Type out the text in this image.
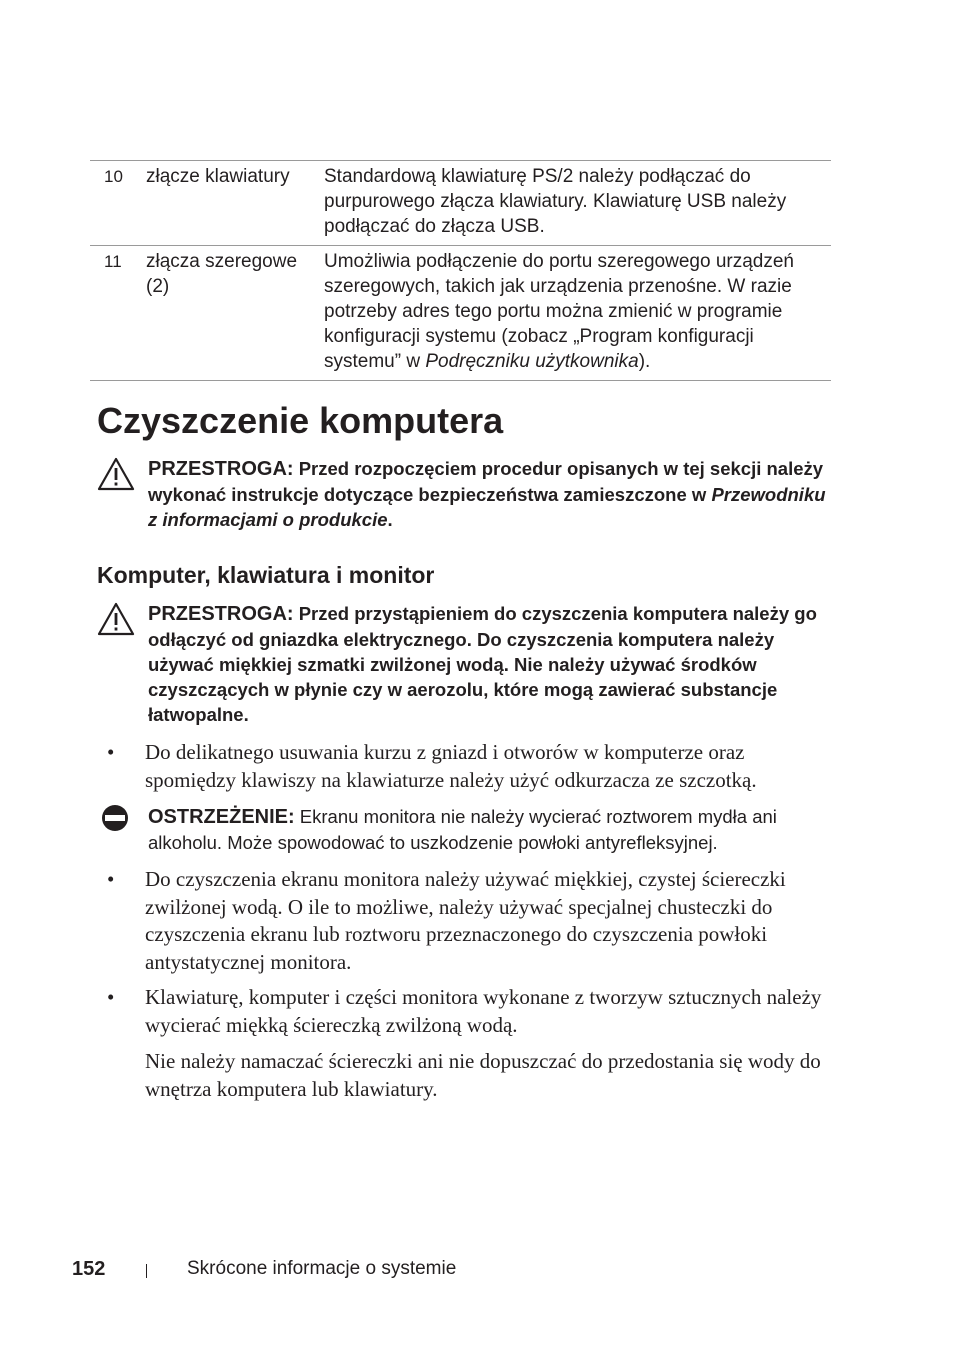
10 złącze klawiatury	Standardową klawiaturę PS/2 należy podłączać do purpurowego złącza klawiatury. Klawiaturę USB należy podłączać do złącza USB.
11 złącza szeregowe (2)
Umożliwia podłączenie do portu szeregowego urządzeń szeregowych, takich jak urządzenia przenośne. W razie potrzeby adres tego portu można zmienić w programie konfiguracji systemu (zobacz „Program konfiguracji systemu” w Podręczniku użytkownika).
Czyszczenie komputera
PRZESTROGA: Przed rozpoczęciem procedur opisanych w tej sekcji należy wykonać instrukcje dotyczące bezpieczeństwa zamieszczone w Przewodniku z informacjami o produkcie.
Komputer, klawiatura i monitor
PRZESTROGA: Przed przystąpieniem do czyszczenia komputera należy go odłączyć od gniazdka elektrycznego. Do czyszczenia komputera należy używać miękkiej szmatki zwilżonej wodą. Nie należy używać środków czyszczących w płynie czy w aerozolu, które mogą zawierać substancje łatwopalne.
• Do delikatnego usuwania kurzu z gniazd i otworów w komputerze oraz spomiędzy klawiszy na klawiaturze należy użyć odkurzacza ze szczotką.
OSTRZEŻENIE: Ekranu monitora nie należy wycierać roztworem mydła ani alkoholu. Może spowodować to uszkodzenie powłoki antyrefleksyjnej.
• Do czyszczenia ekranu monitora należy używać miękkiej, czystej ściereczki zwilżonej wodą. O ile to możliwe, należy używać specjalnej chusteczki do czyszczenia ekranu lub roztworu przeznaczonego do czyszczenia powłoki antystatycznej monitora.
• Klawiaturę, komputer i części monitora wykonane z tworzyw sztucznych należy wycierać miękką ściereczką zwilżoną wodą.
Nie należy namaczać ściereczki ani nie dopuszczać do przedostania się wody do wnętrza komputera lub klawiatury.
152	Skrócone informacje o systemie
